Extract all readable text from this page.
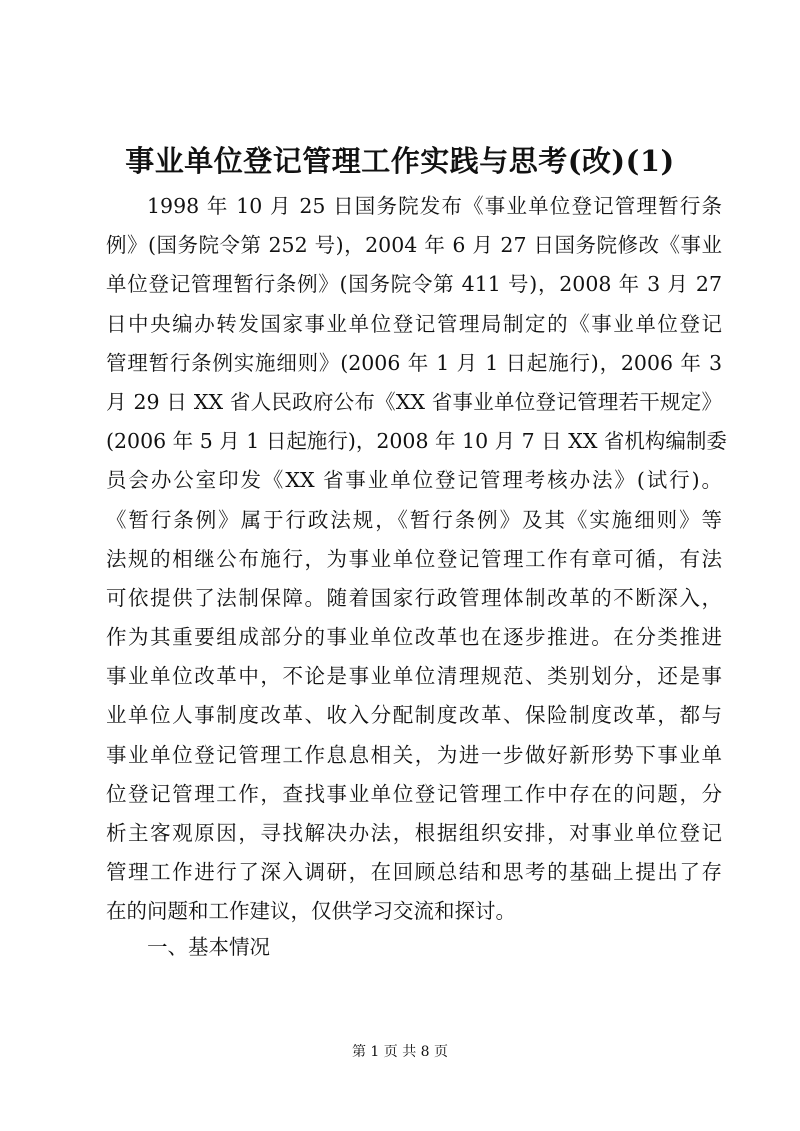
事业单位登记管理工作实践与思考(改)(1)
1998 年 10 月 25 日国务院发布《事业单位登记管理暂行条
例》(国务院令第 252 号)，2004 年 6 月 27 日国务院修改《事业
单位登记管理暂行条例》(国务院令第 411 号)，2008 年 3 月 27
日中央编办转发国家事业单位登记管理局制定的《事业单位登记
管理暂行条例实施细则》(2006 年 1 月 1 日起施行)，2006 年 3
月 29 日 XX 省人民政府公布《XX 省事业单位登记管理若干规定》
(2006 年 5 月 1 日起施行)，2008 年 10 月 7 日 XX 省机构编制委
员会办公室印发《XX 省事业单位登记管理考核办法》(试行)。
《暂行条例》属于行政法规，《暂行条例》及其《实施细则》等
法规的相继公布施行，为事业单位登记管理工作有章可循，有法
可依提供了法制保障。随着国家行政管理体制改革的不断深入，
作为其重要组成部分的事业单位改革也在逐步推进。在分类推进
事业单位改革中，不论是事业单位清理规范、类别划分，还是事
业单位人事制度改革、收入分配制度改革、保险制度改革，都与
事业单位登记管理工作息息相关，为进一步做好新形势下事业单
位登记管理工作，查找事业单位登记管理工作中存在的问题，分
析主客观原因，寻找解决办法，根据组织安排，对事业单位登记
管理工作进行了深入调研，在回顾总结和思考的基础上提出了存
在的问题和工作建议，仅供学习交流和探讨。
一、基本情况
第 1 页 共 8 页
